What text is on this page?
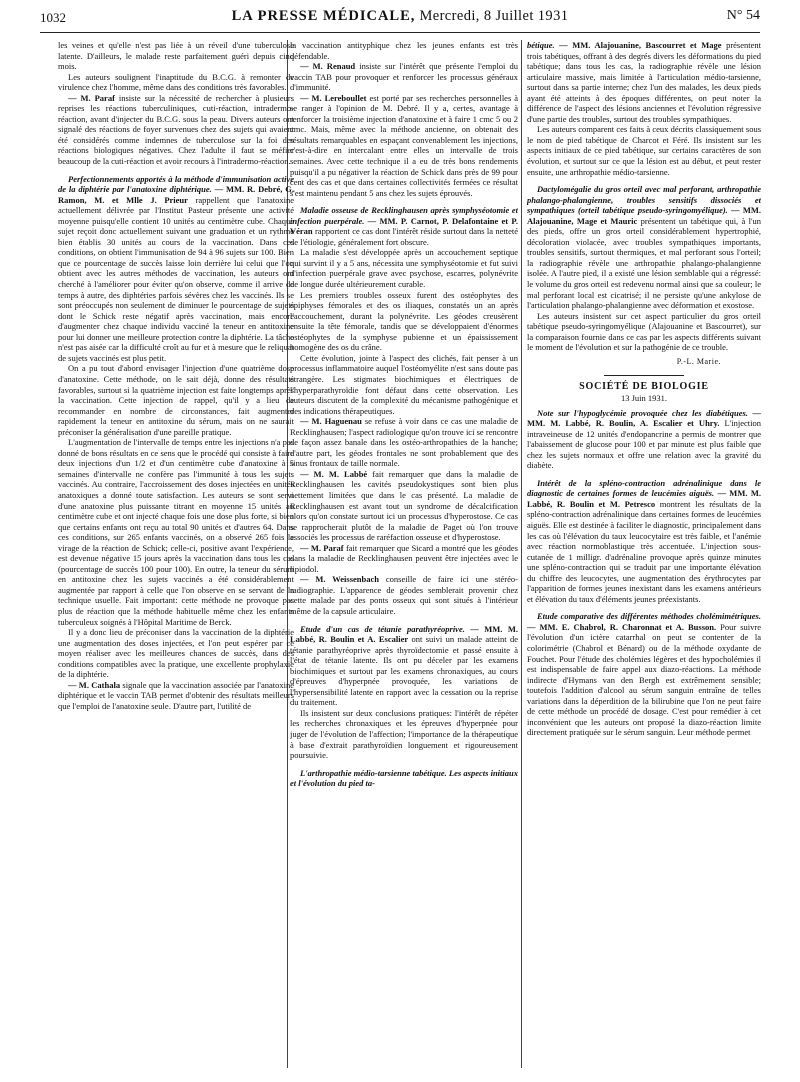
1032	LA PRESSE MÉDICALE, Mercredi, 8 Juillet 1931	N° 54

les veines et qu'elle n'est pas liée à un réveil d'une tuberculose latente. D'ailleurs, le malade reste parfaitement guéri depuis cinq mois.

Les auteurs soulignent l'inaptitude du B.C.G. à remonter de virulence chez l'homme, même dans des conditions très favorables.

— M. Paraf insiste sur la nécessité de rechercher à plusieurs reprises les réactions tuberculiniques, cuti-réaction, intradermo-réaction, avant d'injecter du B.C.G. sous la peau. Divers auteurs ont signalé des réactions de foyer survenues chez des sujets qui avaient été considérés comme indemnes de tuberculose sur la foi des réactions biologiques négatives. Chez l'adulte il faut se méfier beaucoup de la cuti-réaction et avoir recours à l'intradermo-réaction.

Perfectionnements apportés à la méthode d'immunisation active de la diphtérie par l'anatoxine diphtérique. — MM. R. Debré, G. Ramon, M. et Mlle J. Prieur rappellent que l'anatoxine actuellement délivrée par l'Institut Pasteur présente une activité moyenne puisqu'elle contient 10 unités au centimètre cube. Chaque sujet reçoit donc actuellement suivant une graduation et un rythme bien établis 30 unités au cours de la vaccination. Dans ces conditions, on obtient l'immunisation de 94 à 96 sujets sur 100. Bien que ce pourcentage de succès laisse loin derrière lui celui que l'on obtient avec les autres méthodes de vaccination, les auteurs ont cherché à l'améliorer pour éviter qu'on observe, comme il arrive de temps à autre, des diphtéries parfois sévères chez les vaccinés. Ils se sont préoccupés non seulement de diminuer le pourcentage de sujets dont le Schick reste négatif après vaccination, mais encore d'augmenter chez chaque individu vacciné la teneur en antitoxine pour lui donner une meilleure protection contre la diphtérie. La tâche n'est pas aisée car la difficulté croît au fur et à mesure que le reliquat de sujets vaccinés est plus petit.

On a pu tout d'abord envisager l'injection d'une quatrième dose d'anatoxine. Cette méthode, on le sait déjà, donne des résultats favorables, surtout si la quatrième injection est faite longtemps après la vaccination. Cette injection de rappel, qu'il y a lieu de recommander en nombre de circonstances, fait augmenter rapidement la teneur en antitoxine du sérum, mais on ne saurait préconiser la généralisation d'une pareille pratique.

L'augmentation de l'intervalle de temps entre les injections n'a pas donné de bons résultats en ce sens que le procédé qui consiste à faire deux injections d'un 1/2 et d'un centimètre cube d'anatoxine à 5 semaines d'intervalle ne confère pas l'immunité à tous les sujets vaccinés. Au contraire, l'accroissement des doses injectées en unités anatoxiques a donné toute satisfaction. Les auteurs se sont servi d'une anatoxine plus puissante titrant en moyenne 15 unités au centimètre cube et ont injecté chaque fois une dose plus forte, si bien que certains enfants ont reçu au total 90 unités et d'autres 64. Dans ces conditions, sur 265 enfants vaccinés, on a observé 265 fois le virage de la réaction de Schick; celle-ci, positive avant l'expérience, est devenue négative 15 jours après la vaccination dans tous les cas (pourcentage de succès 100 pour 100). En outre, la teneur du sérum en antitoxine chez les sujets vaccinés a été considérablement augmentée par rapport à celle que l'on observe en se servant de la technique usuelle. Fait important: cette méthode ne provoque pas plus de réaction que la méthode habituelle même chez les enfants tuberculeux soignés à l'Hôpital Maritime de Berck.

Il y a donc lieu de préconiser dans la vaccination de la diphtérie une augmentation des doses injectées, et l'on peut espérer par ce moyen réaliser avec les meilleures chances de succès, dans des conditions compatibles avec la pratique, une excellente prophylaxie de la diphtérie.

— M. Cathala signale que la vaccination associée par l'anatoxine diphtérique et le vaccin TAB permet d'obtenir des résultats meilleurs que l'emploi de l'anatoxine seule. D'autre part, l'utilité de

la vaccination antityphique chez les jeunes enfants est très défendable.

— M. Renaud insiste sur l'intérêt que présente l'emploi du vaccin TAB pour provoquer et renforcer les processus généraux d'immunité.

— M. Lereboullet est porté par ses recherches personnelles à se ranger à l'opinion de M. Debré. Il y a, certes, avantage à renforcer la troisième injection d'anatoxine et à faire 1 cmc 5 ou 2 cmc. Mais, même avec la méthode ancienne, on obtenait des résultats remarquables en espaçant convenablement les injections, c'est-à-dire en intercalant entre elles un intervalle de trois semaines. Avec cette technique il a eu de très bons rendements puisqu'il a pu négativer la réaction de Schick dans près de 99 pour cent des cas et que dans certaines collectivités fermées ce résultat s'est maintenu pendant 5 ans chez les sujets éprouvés.

Maladie osseuse de Recklinghausen après symphyséotomie et infection puerpérale. — MM. P. Carnot, P. Delafontaine et P. Véran rapportent ce cas dont l'intérêt réside surtout dans la netteté de l'étiologie, généralement fort obscure.

La maladie s'est développée après un accouchement septique qui survint il y a 5 ans, nécessita une symphyséotomie et fut suivi d'infection puerpérale grave avec psychose, escarres, polynévrite de longue durée ultérieurement curable.

Les premiers troubles osseux furent des ostéophytes des épiphyses fémorales et des os iliaques, constatés un an après l'accouchement, durant la polynévrite. Les géodes creusèrent ensuite la tête fémorale, tandis que se développaient d'énormes ostéophytes de la symphyse pubienne et un épaississement homogène des os du crâne.

Cette évolution, jointe à l'aspect des clichés, fait penser à un processus inflammatoire auquel l'ostéomyélite n'est sans doute pas étrangère. Les stigmates biochimiques et électriques de l'hyperparathyroïdie font défaut dans cette observation. Les auteurs discutent de la complexité du mécanisme pathogénique et des indications thérapeutiques.

— M. Haguenau se refuse à voir dans ce cas une maladie de Recklinghausen; l'aspect radiologique qu'on trouve ici se rencontre de façon assez banale dans les ostéo-arthropathies de la hanche; d'autre part, les géodes frontales ne sont probablement que des sinus frontaux de taille normale.

— M. M. Labbé fait remarquer que dans la maladie de Recklinghausen les cavités pseudokystiques sont bien plus nettement limitées que dans le cas présenté. La maladie de Recklinghausen est avant tout un syndrome de décalcification alors qu'on constate surtout ici un processus d'hyperostose. Ce cas se rapprocherait plutôt de la maladie de Paget où l'on trouve associés les processus de raréfaction osseuse et d'hyperostose.

— M. Paraf fait remarquer que Sicard a montré que les géodes dans la maladie de Recklinghausen peuvent être injectées avec le lipiodol.

— M. Weissenbach conseille de faire ici une stéréo-radiographie. L'apparence de géodes semblerait provenir chez cette malade par des ponts osseux qui sont situés à l'intérieur même de la capsule articulaire.

Etude d'un cas de tétanie parathyréoprive. — MM. M. Labbé, R. Boulin et A. Escalier ont suivi un malade atteint de tétanie parathyréoprive après thyroïdectomie et passé ensuite à l'état de tétanie latente. Ils ont pu déceler par les examens biochimiques et surtout par les examens chronaxiques, au cours d'épreuves d'hyperpnée provoquée, les variations de l'hypersensibilité latente en rapport avec la cessation ou la reprise du traitement.

Ils insistent sur deux conclusions pratiques: l'intérêt de répéter les recherches chronaxiques et les épreuves d'hyperpnée pour juger de l'évolution de l'affection; l'importance de la thérapeutique à base d'extrait parathyroïdien longuement et rigoureusement poursuivie.

L'arthropathie médio-tarsienne tabétique. Les aspects initiaux et l'évolution du pied ta-

bétique. — MM. Alajouanine, Bascourret et Mage présentent trois tabétiques, offrant à des degrés divers les déformations du pied tabétique; dans tous les cas, la radiographie révèle une lésion articulaire massive, mais limitée à l'articulation médio-tarsienne, surtout dans sa partie interne; chez l'un des malades, les deux pieds ayant été atteints à des époques différentes, on peut noter la différence de l'aspect des lésions anciennes et l'évolution régressive d'une partie des troubles, surtout des troubles sympathiques.

Les auteurs comparent ces faits à ceux décrits classiquement sous le nom de pied tabétique de Charcot et Féré. Ils insistent sur les aspects initiaux de ce pied tabétique, sur certains caractères de son évolution, et surtout sur ce que la lésion est au début, et peut rester ensuite, une arthropathie médio-tarsienne.

Dactylomégalie du gros orteil avec mal perforant, arthropathie phalango-phalangienne, troubles sensitifs dissociés et sympathiques (orteil tabétique pseudo-syringomyélique). — MM. Alajouanine, Mage et Mauric présentent un tabétique qui, à l'un des pieds, offre un gros orteil considérablement hypertrophié, décoloration violacée, avec troubles sympathiques importants, troubles sensitifs, surtout thermiques, et mal perforant sous l'orteil; la radiographie révèle une arthropathie phalango-phalangienne isolée. A l'autre pied, il a existé une lésion semblable qui a régressé: le volume du gros orteil est redevenu normal ainsi que sa couleur; le mal perforant local est cicatrisé; il ne persiste qu'une ankylose de l'articulation phalango-phalangienne avec déformation et exostose.

Les auteurs insistent sur cet aspect particulier du gros orteil tabétique pseudo-syringomyélique (Alajouanine et Bascourret), sur la comparaison fournie dans ce cas par les aspects différents suivant le moment de l'évolution et sur la pathogénie de ce trouble.

P.-L. Marie.
SOCIÉTÉ DE BIOLOGIE
13 Juin 1931.

Note sur l'hypoglycémie provoquée chez les diabétiques. — MM. M. Labbé, R. Boulin, A. Escalier et Uhry. L'injection intraveineuse de 12 unités d'endopancrine a permis de montrer que l'abaissement de glucose pour 100 et par minute est plus faible que chez les sujets normaux et offre une relation avec la gravité du diabète.

Intérêt de la spléno-contraction adrénalinique dans le diagnostic de certaines formes de leucémies aiguës. — MM. M. Labbé, R. Boulin et M. Petresco montrent les résultats de la spléno-contraction adrénalinique dans certaines formes de leucémies aiguës. Elle est destinée à faciliter le diagnostic, principalement dans les cas où l'élévation du taux leucocytaire est très faible, et l'anémie avec réaction normoblastique très accentuée. L'injection sous-cutanée de 1 milligr. d'adrénaline provoque après quinze minutes une spléno-contraction qui se traduit par une importante élévation du chiffre des leucocytes, une augmentation des érythrocytes par l'apparition de formes jeunes inexistant dans les examens antérieurs et élévation du taux d'éléments jeunes préexistants.

Etude comparative des différentes méthodes cholémimétriques. — MM. E. Chabrol, R. Charonnat et A. Busson. Pour suivre l'évolution d'un ictère catarrhal on peut se contenter de la colorimétrie (Chabrol et Bénard) ou de la méthode oxydante de Fouchet. Pour l'étude des cholémies légères et des hypocholémies il est indispensable de faire appel aux diazo-réactions. La méthode indirecte d'Hymans van den Bergh est extrêmement sensible; toutefois l'addition d'alcool au sérum sanguin entraîne de telles variations dans la déperdition de la bilirubine que l'on ne peut faire de cette méthode un procédé de dosage. C'est pour remédier à cet inconvénient que les auteurs ont proposé la diazo-réaction limite directement pratiquée sur le sérum sanguin. Leur méthode permet
